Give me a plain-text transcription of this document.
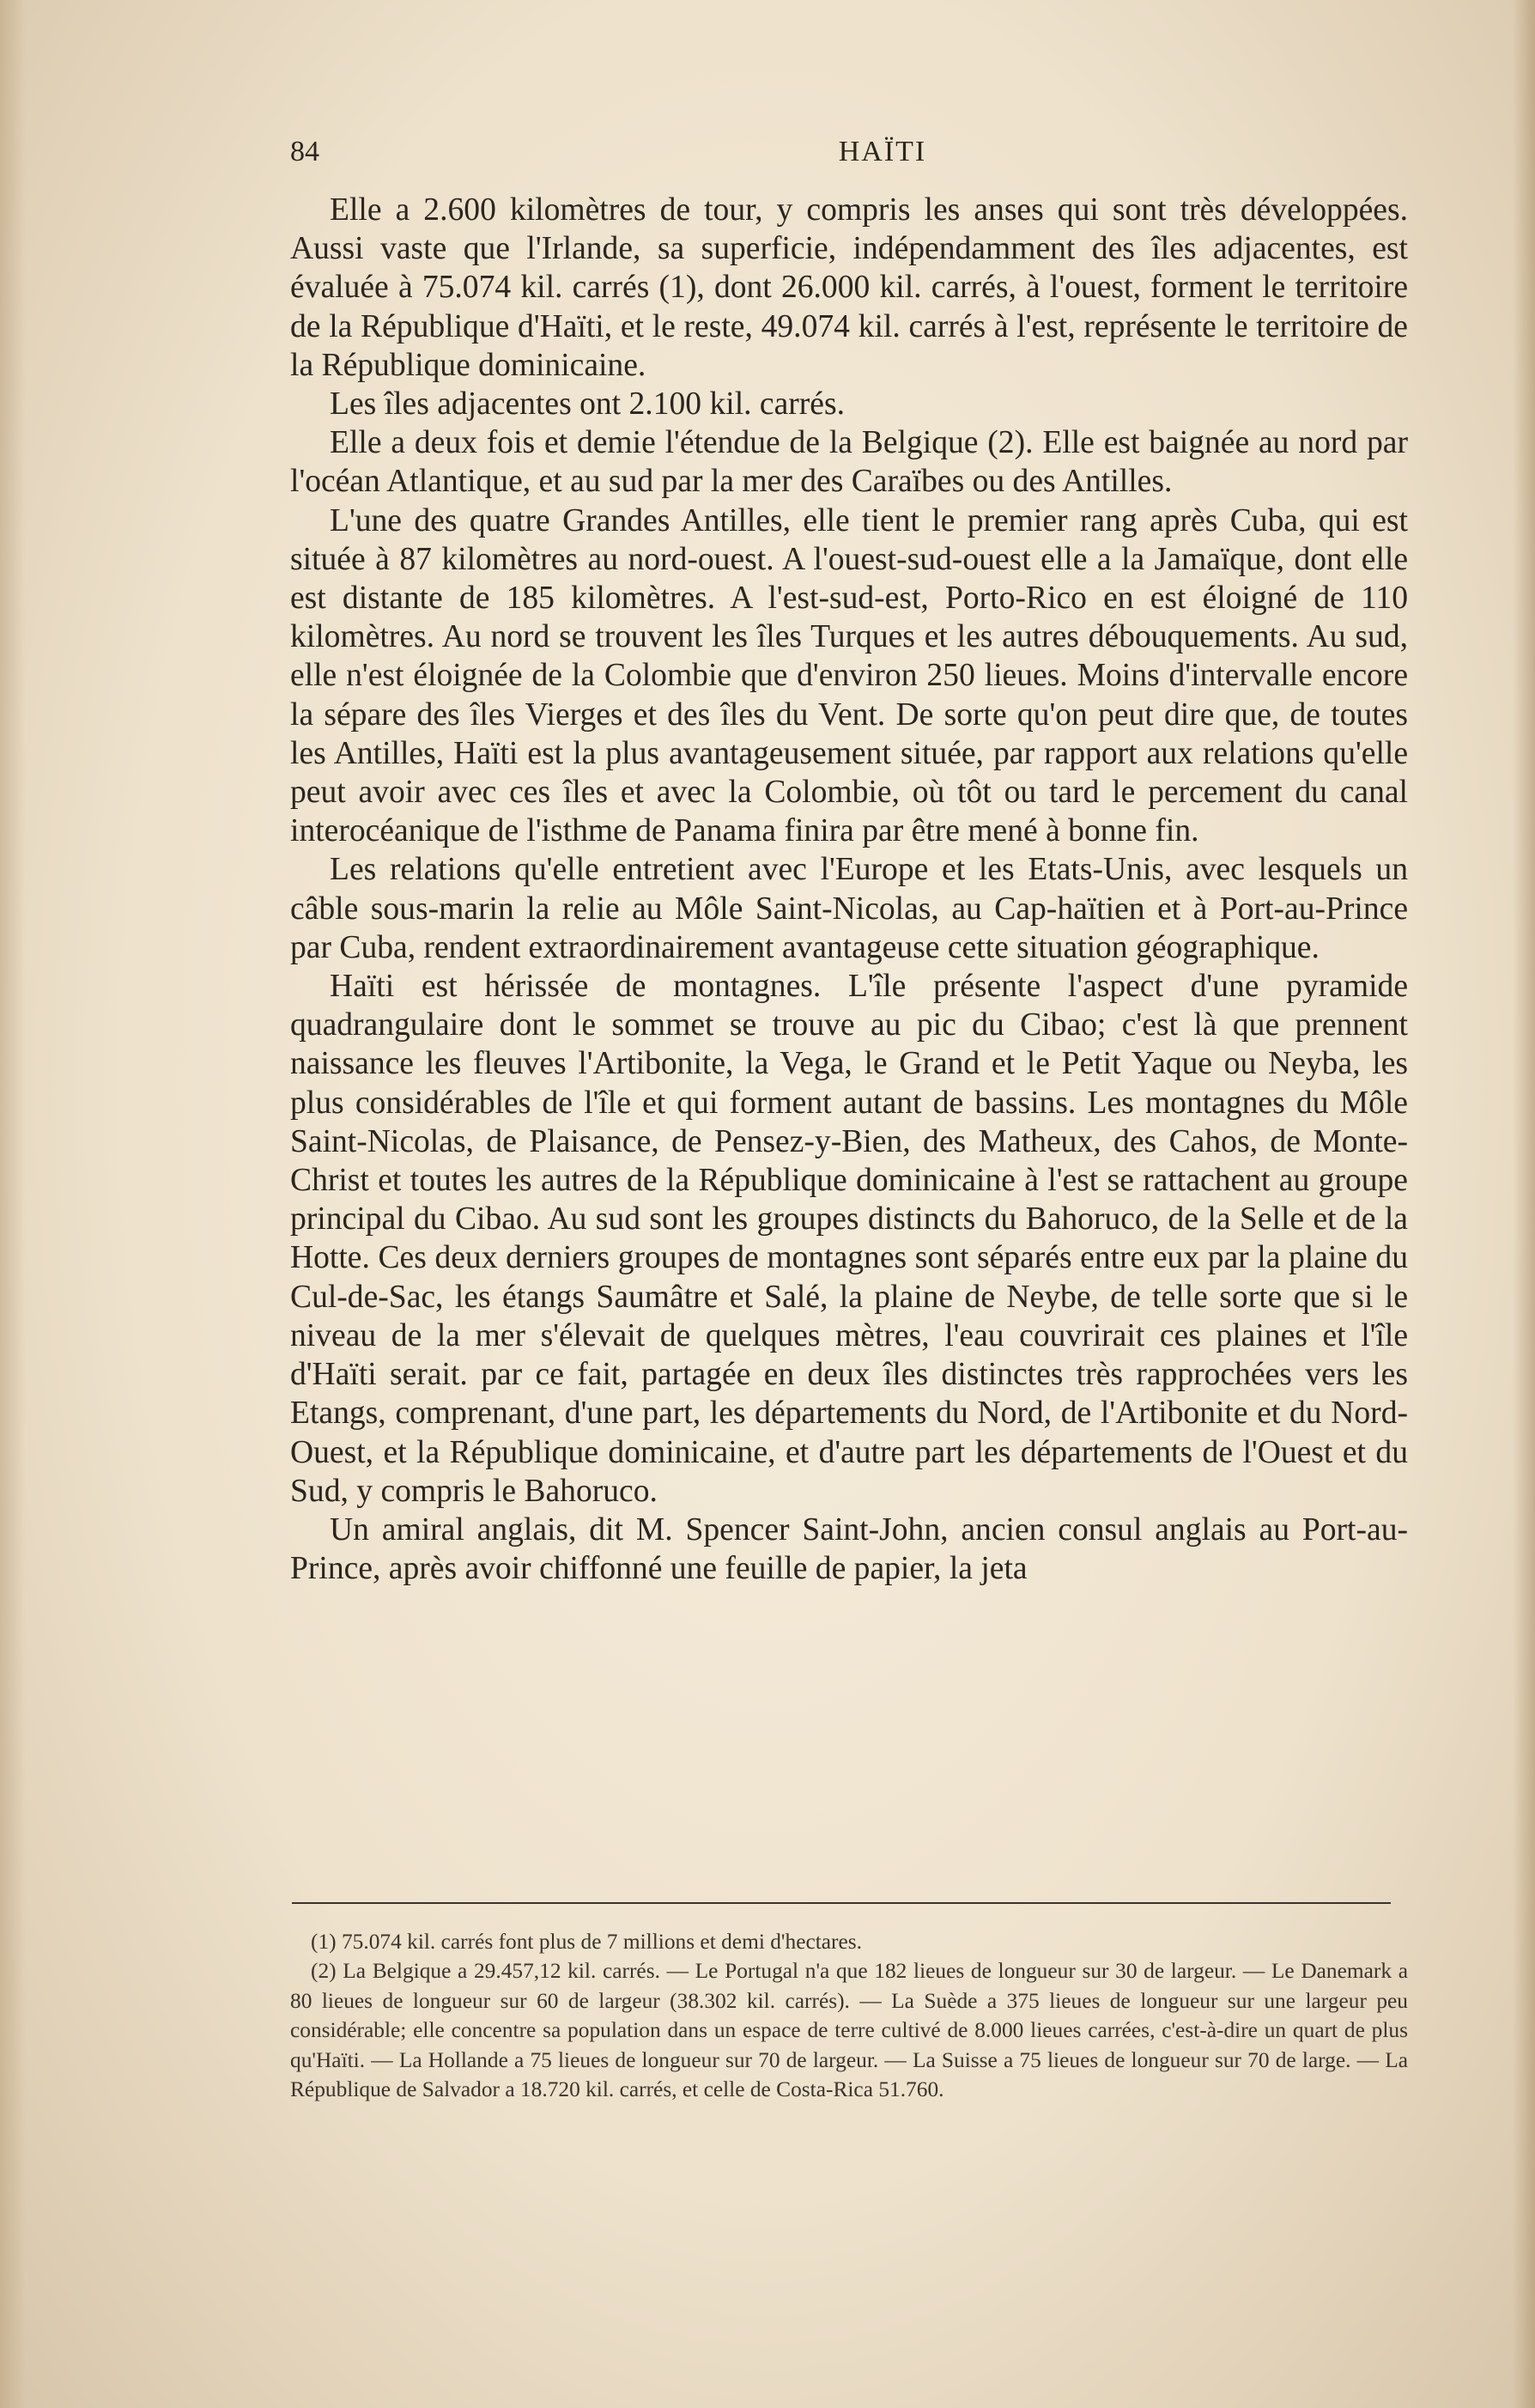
84	HAÏTI

Elle a 2.600 kilomètres de tour, y compris les anses qui sont très développées. Aussi vaste que l'Irlande, sa superficie, indépendamment des îles adjacentes, est évaluée à 75.074 kil. carrés (1), dont 26.000 kil. carrés, à l'ouest, forment le territoire de la République d'Haïti, et le reste, 49.074 kil. carrés à l'est, représente le territoire de la République dominicaine.

Les îles adjacentes ont 2.100 kil. carrés.

Elle a deux fois et demie l'étendue de la Belgique (2). Elle est baignée au nord par l'océan Atlantique, et au sud par la mer des Caraïbes ou des Antilles.

L'une des quatre Grandes Antilles, elle tient le premier rang après Cuba, qui est située à 87 kilomètres au nord-ouest. A l'ouest-sud-ouest elle a la Jamaïque, dont elle est distante de 185 kilomètres. A l'est-sud-est, Porto-Rico en est éloigné de 110 kilomètres. Au nord se trouvent les îles Turques et les autres débouquements. Au sud, elle n'est éloignée de la Colombie que d'environ 250 lieues. Moins d'intervalle encore la sépare des îles Vierges et des îles du Vent. De sorte qu'on peut dire que, de toutes les Antilles, Haïti est la plus avantageusement située, par rapport aux relations qu'elle peut avoir avec ces îles et avec la Colombie, où tôt ou tard le percement du canal interocéanique de l'isthme de Panama finira par être mené à bonne fin.

Les relations qu'elle entretient avec l'Europe et les Etats-Unis, avec lesquels un câble sous-marin la relie au Môle Saint-Nicolas, au Cap-haïtien et à Port-au-Prince par Cuba, rendent extraordinairement avantageuse cette situation géographique.

Haïti est hérissée de montagnes. L'île présente l'aspect d'une pyramide quadrangulaire dont le sommet se trouve au pic du Cibao; c'est là que prennent naissance les fleuves l'Artibonite, la Vega, le Grand et le Petit Yaque ou Neyba, les plus considérables de l'île et qui forment autant de bassins. Les montagnes du Môle Saint-Nicolas, de Plaisance, de Pensez-y-Bien, des Matheux, des Cahos, de Monte-Christ et toutes les autres de la République dominicaine à l'est se rattachent au groupe principal du Cibao. Au sud sont les groupes distincts du Bahoruco, de la Selle et de la Hotte. Ces deux derniers groupes de montagnes sont séparés entre eux par la plaine du Cul-de-Sac, les étangs Saumâtre et Salé, la plaine de Neybe, de telle sorte que si le niveau de la mer s'élevait de quelques mètres, l'eau couvrirait ces plaines et l'île d'Haïti serait. par ce fait, partagée en deux îles distinctes très rapprochées vers les Etangs, comprenant, d'une part, les départements du Nord, de l'Artibonite et du Nord-Ouest, et la République dominicaine, et d'autre part les départements de l'Ouest et du Sud, y compris le Bahoruco.

Un amiral anglais, dit M. Spencer Saint-John, ancien consul anglais au Port-au-Prince, après avoir chiffonné une feuille de papier, la jeta

(1) 75.074 kil. carrés font plus de 7 millions et demi d'hectares.

(2) La Belgique a 29.457,12 kil. carrés. — Le Portugal n'a que 182 lieues de longueur sur 30 de largeur. — Le Danemark a 80 lieues de longueur sur 60 de largeur (38.302 kil. carrés). — La Suède a 375 lieues de longueur sur une largeur peu considérable; elle concentre sa population dans un espace de terre cultivé de 8.000 lieues carrées, c'est-à-dire un quart de plus qu'Haïti. — La Hollande a 75 lieues de longueur sur 70 de largeur. — La Suisse a 75 lieues de longueur sur 70 de large. — La République de Salvador a 18.720 kil. carrés, et celle de Costa-Rica 51.760.
